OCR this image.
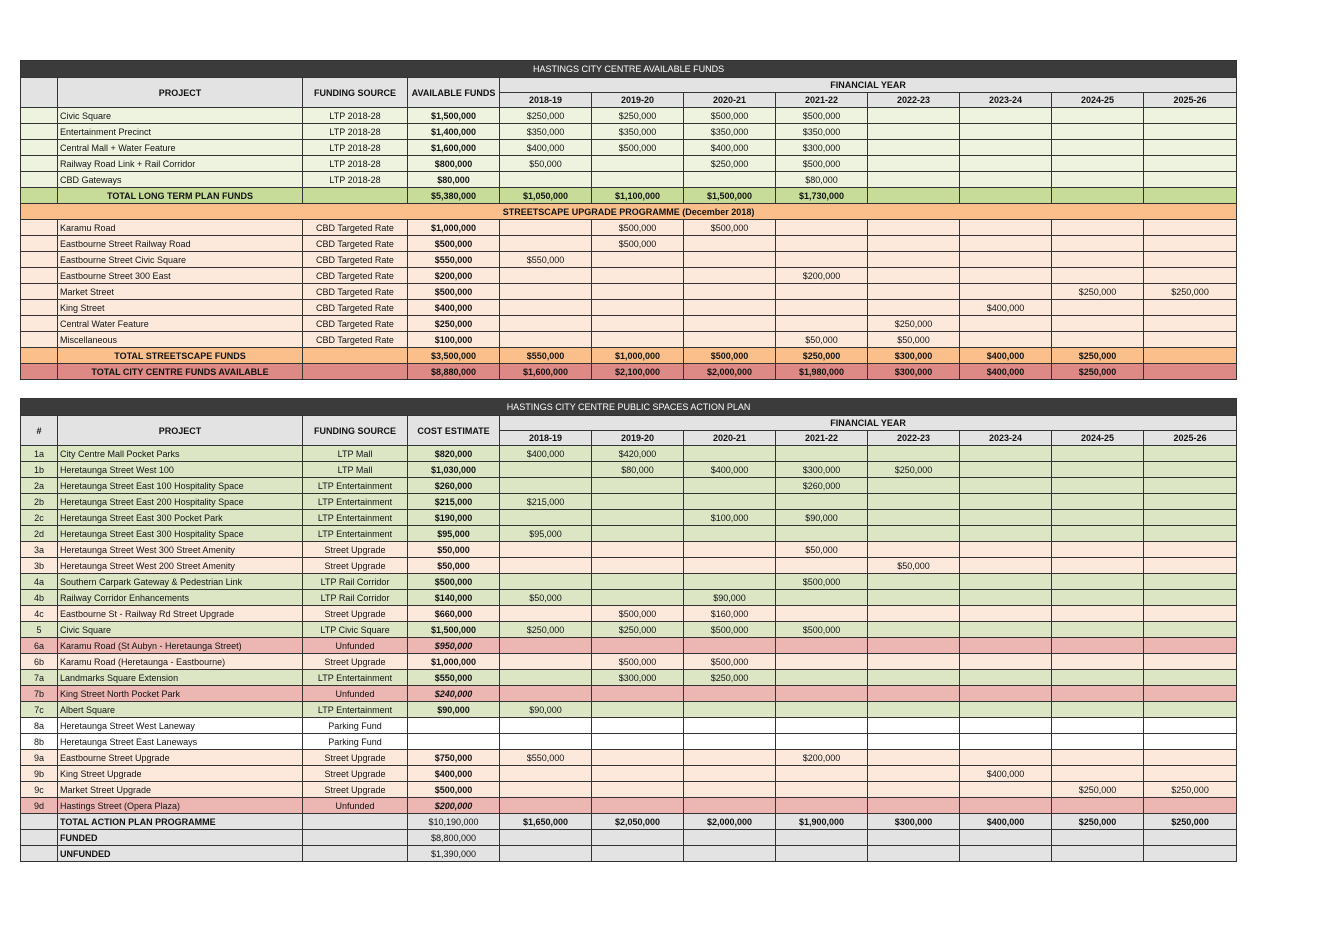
HASTINGS CITY CENTRE AVAILABLE FUNDS											
	PROJECT	FUNDING SOURCE	AVAILABLE FUNDS	FINANCIAL YEAR							
				2018-19	2019-20	2020-21	2021-22	2022-23	2023-24	2024-25	2025-26
	Civic Square	LTP 2018-28	$1,500,000	$250,000	$250,000	$500,000	$500,000				
	Entertainment Precinct	LTP 2018-28	$1,400,000	$350,000	$350,000	$350,000	$350,000				
	Central Mall + Water Feature	LTP 2018-28	$1,600,000	$400,000	$500,000	$400,000	$300,000				
	Railway Road Link + Rail Corridor	LTP 2018-28	$800,000	$50,000		$250,000	$500,000				
	CBD Gateways	LTP 2018-28	$80,000				$80,000				
	TOTAL LONG TERM PLAN FUNDS		$5,380,000	$1,050,000	$1,100,000	$1,500,000	$1,730,000				
STREETSCAPE UPGRADE PROGRAMME (December 2018)											
	Karamu Road	CBD Targeted Rate	$1,000,000		$500,000	$500,000					
	Eastbourne Street Railway Road	CBD Targeted Rate	$500,000		$500,000						
	Eastbourne Street Civic Square	CBD Targeted Rate	$550,000	$550,000							
	Eastbourne Street 300 East	CBD Targeted Rate	$200,000				$200,000				
	Market Street	CBD Targeted Rate	$500,000							$250,000	$250,000
	King Street	CBD Targeted Rate	$400,000						$400,000		
	Central Water Feature	CBD Targeted Rate	$250,000					$250,000			
	Miscellaneous	CBD Targeted Rate	$100,000				$50,000	$50,000			
	TOTAL STREETSCAPE FUNDS		$3,500,000	$550,000	$1,000,000	$500,000	$250,000	$300,000	$400,000	$250,000	
	TOTAL CITY CENTRE FUNDS AVAILABLE		$8,880,000	$1,600,000	$2,100,000	$2,000,000	$1,980,000	$300,000	$400,000	$250,000	
HASTINGS CITY CENTRE PUBLIC SPACES ACTION PLAN											
#	PROJECT	FUNDING SOURCE	COST ESTIMATE	FINANCIAL YEAR							
				2018-19	2019-20	2020-21	2021-22	2022-23	2023-24	2024-25	2025-26
1a	City Centre Mall Pocket Parks	LTP Mall	$820,000	$400,000	$420,000						
1b	Heretaunga Street West 100	LTP Mall	$1,030,000		$80,000	$400,000	$300,000	$250,000			
2a	Heretaunga Street East 100 Hospitality Space	LTP Entertainment	$260,000				$260,000				
2b	Heretaunga Street East 200 Hospitality Space	LTP Entertainment	$215,000	$215,000							
2c	Heretaunga Street East 300 Pocket Park	LTP Entertainment	$190,000			$100,000	$90,000				
2d	Heretaunga Street East 300 Hospitality Space	LTP Entertainment	$95,000	$95,000							
3a	Heretaunga Street West 300 Street Amenity	Street Upgrade	$50,000				$50,000				
3b	Heretaunga Street West 200 Street Amenity	Street Upgrade	$50,000					$50,000			
4a	Southern Carpark Gateway & Pedestrian Link	LTP Rail Corridor	$500,000				$500,000				
4b	Railway Corridor Enhancements	LTP Rail Corridor	$140,000	$50,000		$90,000					
4c	Eastbourne St - Railway Rd Street Upgrade	Street Upgrade	$660,000		$500,000	$160,000					
5	Civic Square	LTP Civic Square	$1,500,000	$250,000	$250,000	$500,000	$500,000				
6a	Karamu Road (St Aubyn - Heretaunga Street)	Unfunded	$950,000								
6b	Karamu Road (Heretaunga - Eastbourne)	Street Upgrade	$1,000,000		$500,000	$500,000					
7a	Landmarks Square Extension	LTP Entertainment	$550,000		$300,000	$250,000					
7b	King Street North Pocket Park	Unfunded	$240,000								
7c	Albert Square	LTP Entertainment	$90,000	$90,000							
8a	Heretaunga Street West Laneway	Parking Fund									
8b	Heretaunga Street East Laneways	Parking Fund									
9a	Eastbourne Street Upgrade	Street Upgrade	$750,000	$550,000			$200,000				
9b	King Street Upgrade	Street Upgrade	$400,000						$400,000		
9c	Market Street Upgrade	Street Upgrade	$500,000							$250,000	$250,000
9d	Hastings Street (Opera Plaza)	Unfunded	$200,000								
	TOTAL ACTION PLAN PROGRAMME		$10,190,000	$1,650,000	$2,050,000	$2,000,000	$1,900,000	$300,000	$400,000	$250,000	$250,000
	FUNDED		$8,800,000								
	UNFUNDED		$1,390,000								
